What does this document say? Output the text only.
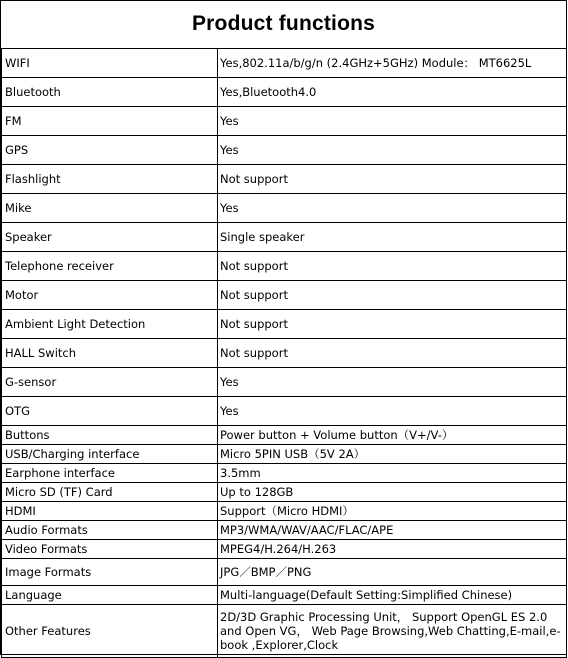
Product functions
WIFI	Yes,802.11a/b/g/n (2.4GHz+5GHz) Module： MT6625L
Bluetooth	Yes,Bluetooth4.0
FM	Yes
GPS	Yes
Flashlight	Not support
Mike	Yes
Speaker	Single speaker
Telephone receiver	Not support
Motor	Not support
Ambient Light Detection	Not support
HALL Switch	Not support
G-sensor	Yes
OTG	Yes
Buttons	Power button + Volume button（V+/V-）
USB/Charging interface	Micro 5PIN USB（5V 2A）
Earphone interface	3.5mm
Micro SD (TF) Card	Up to 128GB
HDMI	Support（Micro HDMI）
Audio Formats	MP3/WMA/WAV/AAC/FLAC/APE
Video Formats	MPEG4/H.264/H.263
Image Formats	JPG／BMP／PNG
Language	Multi-language(Default Setting:Simplified Chinese)
Other Features	2D/3D Graphic Processing Unit， Support OpenGL ES 2.0 and Open VG， Web Page Browsing,Web Chatting,E-mail,e-book ,Explorer,Clock
